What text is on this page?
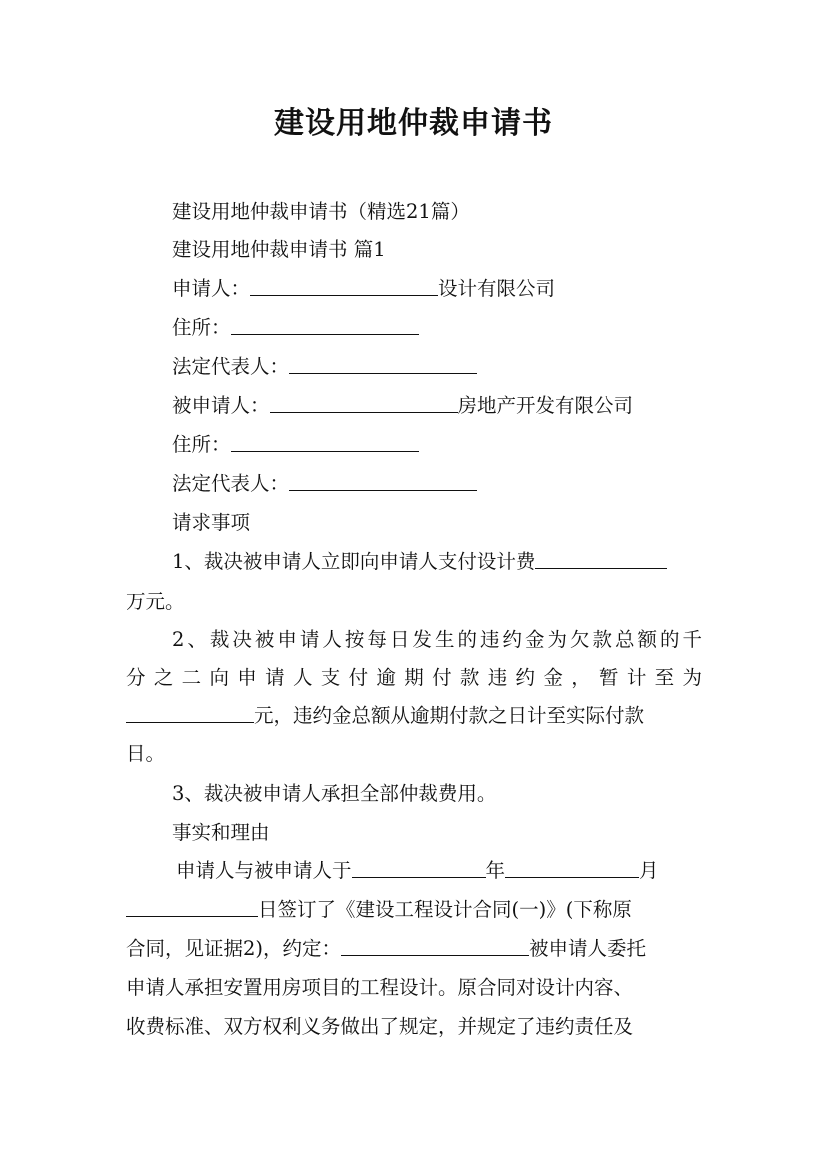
建设用地仲裁申请书
建设用地仲裁申请书（精选21篇）
建设用地仲裁申请书 篇1
申请人：	设计有限公司
住所：
法定代表人：
被申请人：	房地产开发有限公司
住所：
法定代表人：
请求事项
1、裁决被申请人立即向申请人支付设计费
万元。
2、裁决被申请人按每日发生的违约金为欠款总额的千
分之二向申请人支付逾期付款违约金，暂计至为
元，违约金总额从逾期付款之日计至实际付款
日。
3、裁决被申请人承担全部仲裁费用。
事实和理由
申请人与被申请人于	年	月
日签订了《建设工程设计合同(一)》(下称原
合同，见证据2)，约定：	被申请人委托
申请人承担安置用房项目的工程设计。原合同对设计内容、
收费标准、双方权利义务做出了规定，并规定了违约责任及
